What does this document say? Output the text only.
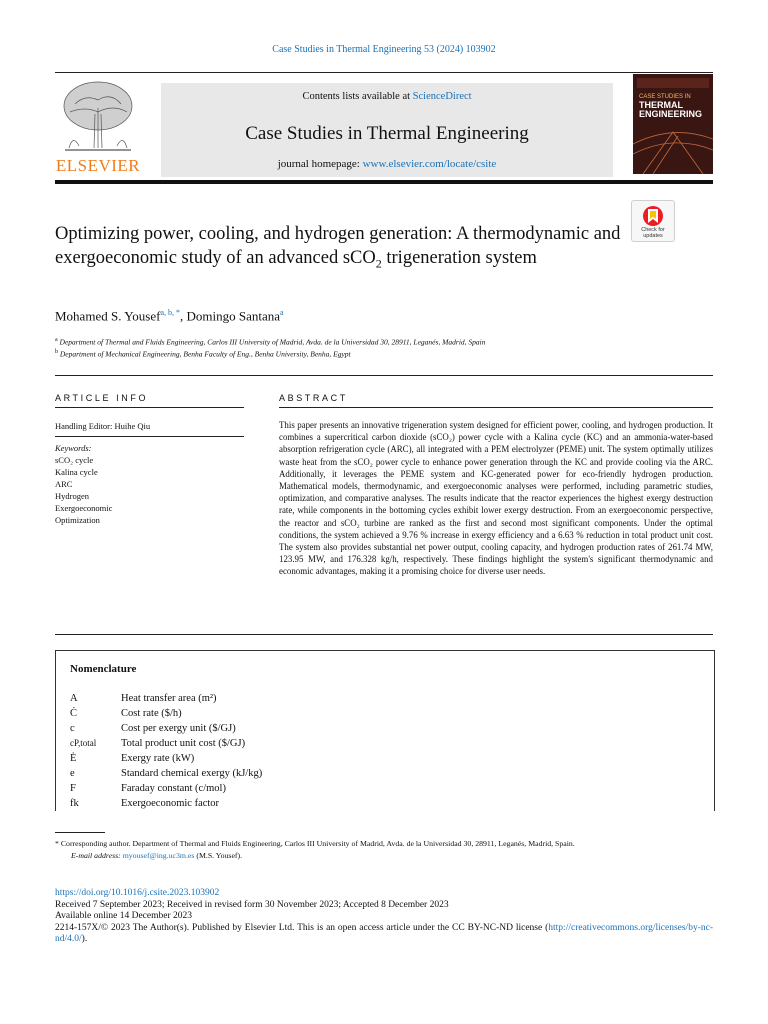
Case Studies in Thermal Engineering 53 (2024) 103902
ELSEVIER
Contents lists available at ScienceDirect
Case Studies in Thermal Engineering
journal homepage: www.elsevier.com/locate/csite
CASE STUDIES IN
THERMAL
ENGINEERING
Check for
updates
Optimizing power, cooling, and hydrogen generation: A thermodynamic and exergoeconomic study of an advanced sCO$_2$ trigeneration system
Mohamed S. Yousef$^{a, b, *}$, Domingo Santana$^a$
$^a$ Department of Thermal and Fluids Engineering, Carlos III University of Madrid, Avda. de la Universidad 30, 28911, Leganés, Madrid, Spain
$^b$ Department of Mechanical Engineering, Benha Faculty of Eng., Benha University, Benha, Egypt
ARTICLE INFO	ABSTRACT
Handling Editor: Huihe Qiu
Keywords:
sCO₂ cycle
Kalina cycle
ARC
Hydrogen
Exergoeconomic
Optimization
This paper presents an innovative trigeneration system designed for efficient power, cooling, and hydrogen production. It combines a supercritical carbon dioxide (sCO₂) power cycle with a Kalina cycle (KC) and an ammonia-water-based absorption refrigeration cycle (ARC), all integrated with a PEM electrolyzer (PEME) unit. The system optimally utilizes waste heat from the sCO₂ power cycle to enhance power generation through the KC and provide cooling via the ARC. Additionally, it leverages the PEME system and KC-generated power for eco-friendly hydrogen production. Mathematical models, thermodynamic, and exergoeconomic analyses were performed, including parametric studies, optimization, and comparative analyses. The results indicate that the reactor experiences the highest exergy destruction rate, while components in the bottoming cycles exhibit lower exergy destruction. From an exergoeconomic perspective, the reactor and sCO₂ turbine are ranked as the first and second most significant components. Under the optimal conditions, the system achieved a 9.76 % increase in exergy efficiency and a 6.63 % reduction in total product unit cost. The system also provides substantial net power output, cooling capacity, and hydrogen production rates of 261.74 MW, 123.95 MW, and 176.328 kg/h, respectively. These findings highlight the system's significant thermodynamic and economic advantages, making it a promising choice for diverse user needs.
Nomenclature
A	Heat transfer area (m²)
Ċ	Cost rate ($/h)
c	Cost per exergy unit ($/GJ)
cP,total	Total product unit cost ($/GJ)
Ė	Exergy rate (kW)
e	Standard chemical exergy (kJ/kg)
F	Faraday constant (c/mol)
fk	Exergoeconomic factor
* Corresponding author. Department of Thermal and Fluids Engineering, Carlos III University of Madrid, Avda. de la Universidad 30, 28911, Leganés, Madrid, Spain.
E-mail address: myousef@ing.uc3m.es (M.S. Yousef).
https://doi.org/10.1016/j.csite.2023.103902
Received 7 September 2023; Received in revised form 30 November 2023; Accepted 8 December 2023
Available online 14 December 2023
2214-157X/© 2023 The Author(s). Published by Elsevier Ltd. This is an open access article under the CC BY-NC-ND license (http://creativecommons.org/licenses/by-nc-nd/4.0/).
